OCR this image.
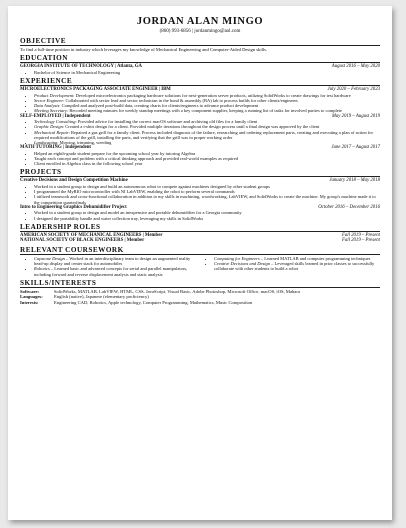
JORDAN ALAN MINGO
(860) 993-6856 | jordanmingo@aol.com
OBJECTIVE
To find a full-time position in industry which leverages my knowledge of Mechanical Engineering and Computer-Aided Design skills.
EDUCATION
GEORGIA INSTITUTE OF TECHNOLOGY | Atlanta, GA	August 2016 – May 2020
• Bachelor of Science in Mechanical Engineering
EXPERIENCE
MICROELECTRONICS PACKAGING ASSOCIATE ENGINEER | IBM	July 2020 – February 2023
• Product Development: Developed microelectronics packaging hardware solutions for next-generation server products, utilizing SolidWorks to create drawings for test hardware
• Sector Engineer: Collaborated with sector lead and sector technician in the bond & assembly (BA) lab to process builds for other clients/engineers
• Data Analysis: Compiled and analyzed post-build data, creating charts for clients/engineers to advance product development
• Meeting Secretary: Recorded meeting minutes for weekly standup meetings with a key component supplier, keeping a running list of tasks for involved parties to complete
SELF-EMPLOYED | Independent	May 2019 – August 2019
• Technology Consulting: Provided advice for installing the correct macOS software and archiving old files for a family client
• Graphic Design: Created a t-shirt design for a client. Provided multiple iterations throughout the design process until a final design was approved by the client
• Mechanical Repair: Repaired a gas grill for a family client. Process included diagnosis of the failure, researching and ordering replacement parts, creating and executing a plan of action for required modifications of the grill, installing the parts, and verifying that the grill was in proper working order
• Landscaping: Mowing, trimming, weeding
MATH TUTORING | Independent	June 2017 – August 2017
• Helped an eighth-grade student prepare for the upcoming school year by tutoring Algebra
• Taught each concept and problem with a critical thinking approach and provided real-world examples as required
• Client enrolled in Algebra class in the following school year
PROJECTS
Creative Decisions and Design Competition Machine	January 2018 – May 2018
• Worked in a student group to design and build an autonomous robot to compete against machines designed by other student groups
• I programmed the MyRIO microcontroller with NI LabVIEW, enabling the robot to perform several commands
• I utilized teamwork and cross-functional collaboration in addition to my skills in machining, woodworking, LabVIEW, and SolidWorks to create the machine. My group's machine made it to the competition quarterfinals
Intro to Engineering Graphics Dehumidifier Project	October 2016 – December 2016
• Worked in a student group to design and model an inexpensive and portable dehumidifier for a Georgia community
• I designed the portability handle and water collection tray, leveraging my skills in SolidWorks
LEADERSHIP ROLES
AMERICAN SOCIETY OF MECHANICAL ENGINEERS | Member	Fall 2019 – Present
NATIONAL SOCIETY OF BLACK ENGINEERS | Member	Fall 2019 – Present
RELEVANT COURSEWORK
• Capstone Design – Worked in an interdisciplinary team to design an augmented reality head-up display and center stack for automobiles
• Robotics – Learned basic and advanced concepts for serial and parallel manipulators, including forward and reverse displacement analysis and static analysis
• Computing for Engineers – Learned MATLAB and computer programming techniques
• Creative Decisions and Design – Leveraged skills learned in prior classes to successfully collaborate with other students to build a robot
SKILLS/INTERESTS
Software:	SolidWorks, MATLAB, LabVIEW, HTML, CSS, JavaScript, Visual Basic, Adobe Photoshop, Microsoft Office, macOS, iOS, Mahara
Languages:	English (native), Japanese (elementary proficiency)
Interests:	Engineering CAD, Robotics, Apple technology, Computer Programming, Mathematics, Music Composition
